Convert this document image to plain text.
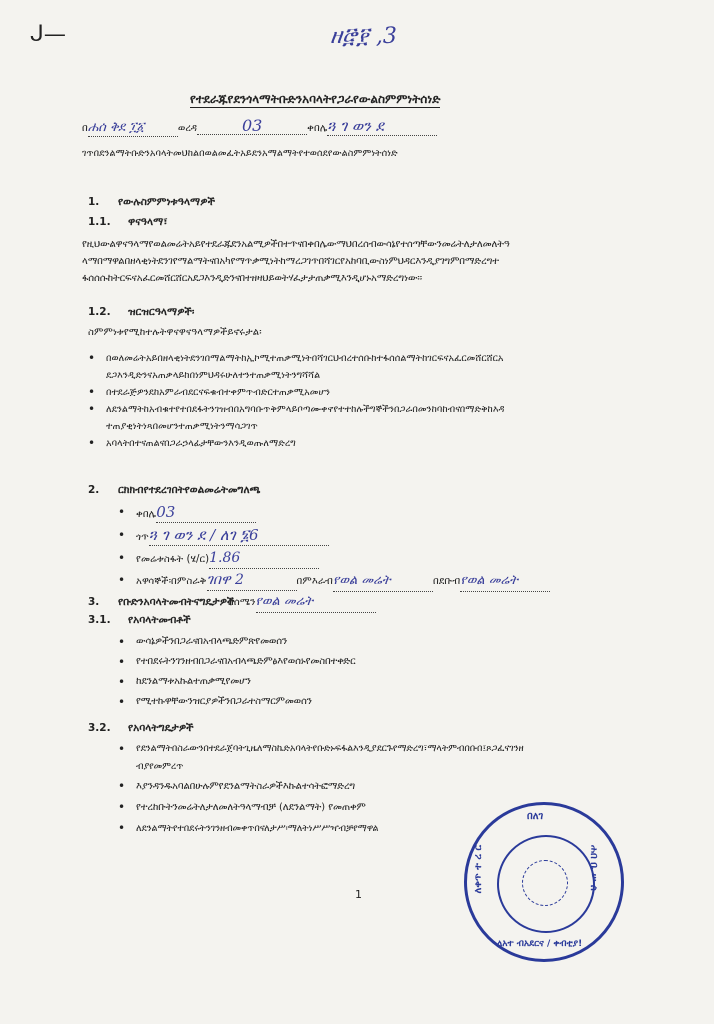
ᒍ—	ዘ፸፻ ,3
የተደራጁየደንጎላማትቡድንአባላትየጋራየውልስምምነትሰነድ
በሐሰ ቅደ ፲፩	ወረዳ	03	ቀበሌጓ ገ ወን ደ
ገጥበደንልማትቡድንአባላትመህከልበወልመፈትአይደንአማልማትየተወሰደየውልስምምነትሰነድ
1. የውሉስምምነቱዓላማዎች
1.1. ዋናዓላማ፣
የዚህውልዋናዓላማየወልመሬትአይየተደራጁደንአልሚዎችበተጥናበቀበሌውማህበረሰብውሳኔየተሰጣቸውንመሬትለታለመለትዓ
ላማበማዋልበዘላቂነትደንገየማልማትናበአካየማጥቃሚነትከማረጋገጥበሻገርየአከባቢውስነምህዳርእንዲያገግምበማድረግተ
ፋሰሰሱከትርፍናአፈርመሸርሸርአደጋእንዲድንናበተዘዛህይወትሃፈታታጠቃሚእንዲሆኑአማድረግነው፡፡
1.2. ዝርዝርዓላማዎች፡
ስምምነቱየሚከተሉትዋናዋናዓላማዎችይኖሩታል፡
• በወለመሬትአይበዘላቂነትደንገበማልማትከኢኮሚተጠቃሚነትበሻገርህብረተሰቡከተፋሰሰልማትከገርፍናአፈርመሸርሸርአ
ደጋእንዲድንናአጠቃላይከበነምህዳሩሁለተንተጠቃሚነትንግሻሻል
• በተደራጅዎንደከአምራብደርናፍቁብተቀምጥብድርተጠቃሚአመሆን
• ለደንልማትከአብቁተየተበደፋትንገዝብበአግባቡጥቅምላይቦጣሙቀኖየተተከሉችግኞችንበጋራበመንከባከብናበማድቅከእዳ
ተጠያቂነትነጻበመሆንተጠቃሚነትንማሳጋገጥ
• አባላትበተናጠልናበጋራኃላፊታቸውንእንዲወጡለማድረግ
2. ርክክብየተደረገበትየወልመሬትመግለጫ
• ቀበሌ03
• ጎጥጓ ገ ወን ደ / ለገ ፮6
• የመሬቱስፋት (ሄ/ር)1.86
• አዋሳኞች፡በምስራቅገበዋ 2	በምእራብየወል መሬት	በደቡብየወል መሬት
በሰሜንየወል መሬት
3. የቡድንአባላትመብትናግዴታዎች
3.1. የአባላትመብቶች
• ውሳኔዎችንበጋራናበአብላጫድምጽየመወሰን
• የተበደሩትንገንዘብበጋራናበአብላጫድምፅእየወሰኑየመስበተቀድር
• ከደንልማቱአኩልተጠቃሚየመሆን
• የሚተኩዋቸውንዝርያዎችንበጋራተስማርምመወሰን
3.2. የአባላትግዴታዎች
• የደንልማትበስራውንበተደራጀባትጊዜለማስኬድአባላትየቡድኑፍፋልእንዲያደርጉየማድረግ፣ማላትምብበቡበ፤ጾጋፈናገንዘ
ብያየመምረጥ
• እያንዳንዱአባልበሁሉምየደንልማትስራዎችእኩልተሳትፎማድረግ
• የተረከቡትንመሬትለታለመለትዓላማብቻ (ለደንልማት) የመጠቀም
• ለደንልማትየተበደሩትንገንዘብመቀጥበናለታሥ፡ማለትነሥሥዣብቻየማዋል
1
በለገ
ሐበ ቤ ሠ ሰ
ለአተ ብአደርና / ቀብቲያ!
ለቀጥ ተ ረ ር
